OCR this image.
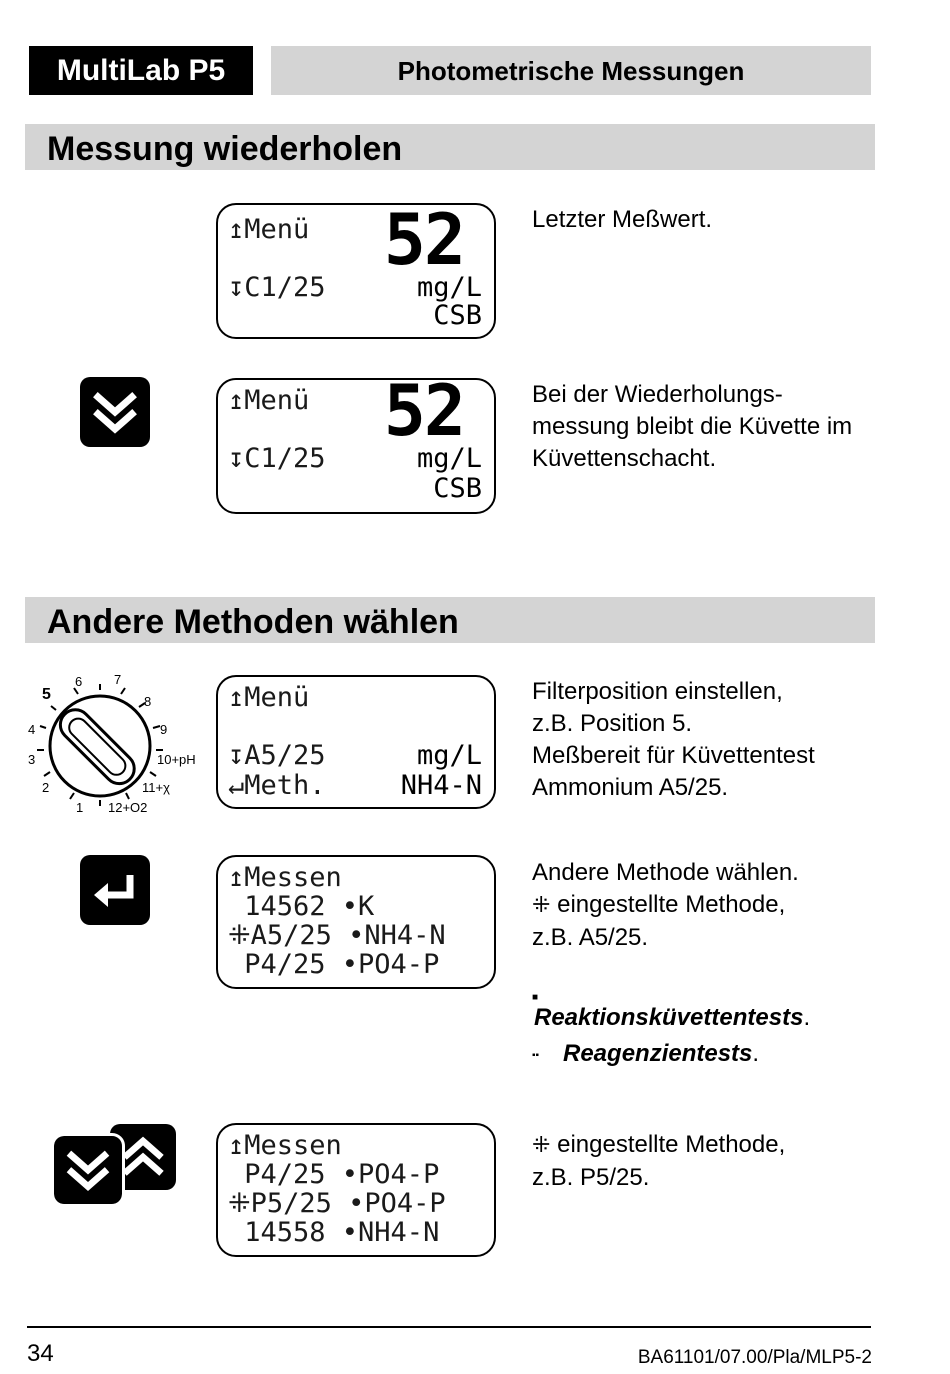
MultiLab P5	Photometrische Messungen
Messung wiederholen
↥Menü
↧C1/25
52
mg/L
CSB
Letzter Meßwert.
↥Menü
↧C1/25
52
mg/L
CSB
Bei der Wiederholungs-messung bleibt die Küvette im Küvettenschacht.
Andere Methoden wählen
6 7
5	8
4	9
3	10+pH
2	11+χ
1 12+O2
↥Menü
↧A5/25
↵Meth.
mg/L
NH4-N
Filterposition einstellen,
z.B. Position 5.
Meßbereit für Küvettentest
Ammonium A5/25.
↥Messen
14562 •K
⁜A5/25 •NH4-N
P4/25 •PO4-P
Andere Methode wählen.
⁜ eingestellte Methode,
z.B. A5/25.
■
Reaktionsküvettentests.
▪▪ Reagenzientests.
↥Messen
P4/25 •PO4-P
⁜P5/25 •PO4-P
14558 •NH4-N
⁜ eingestellte Methode,
z.B. P5/25.
34	BA61101/07.00/Pla/MLP5-2
